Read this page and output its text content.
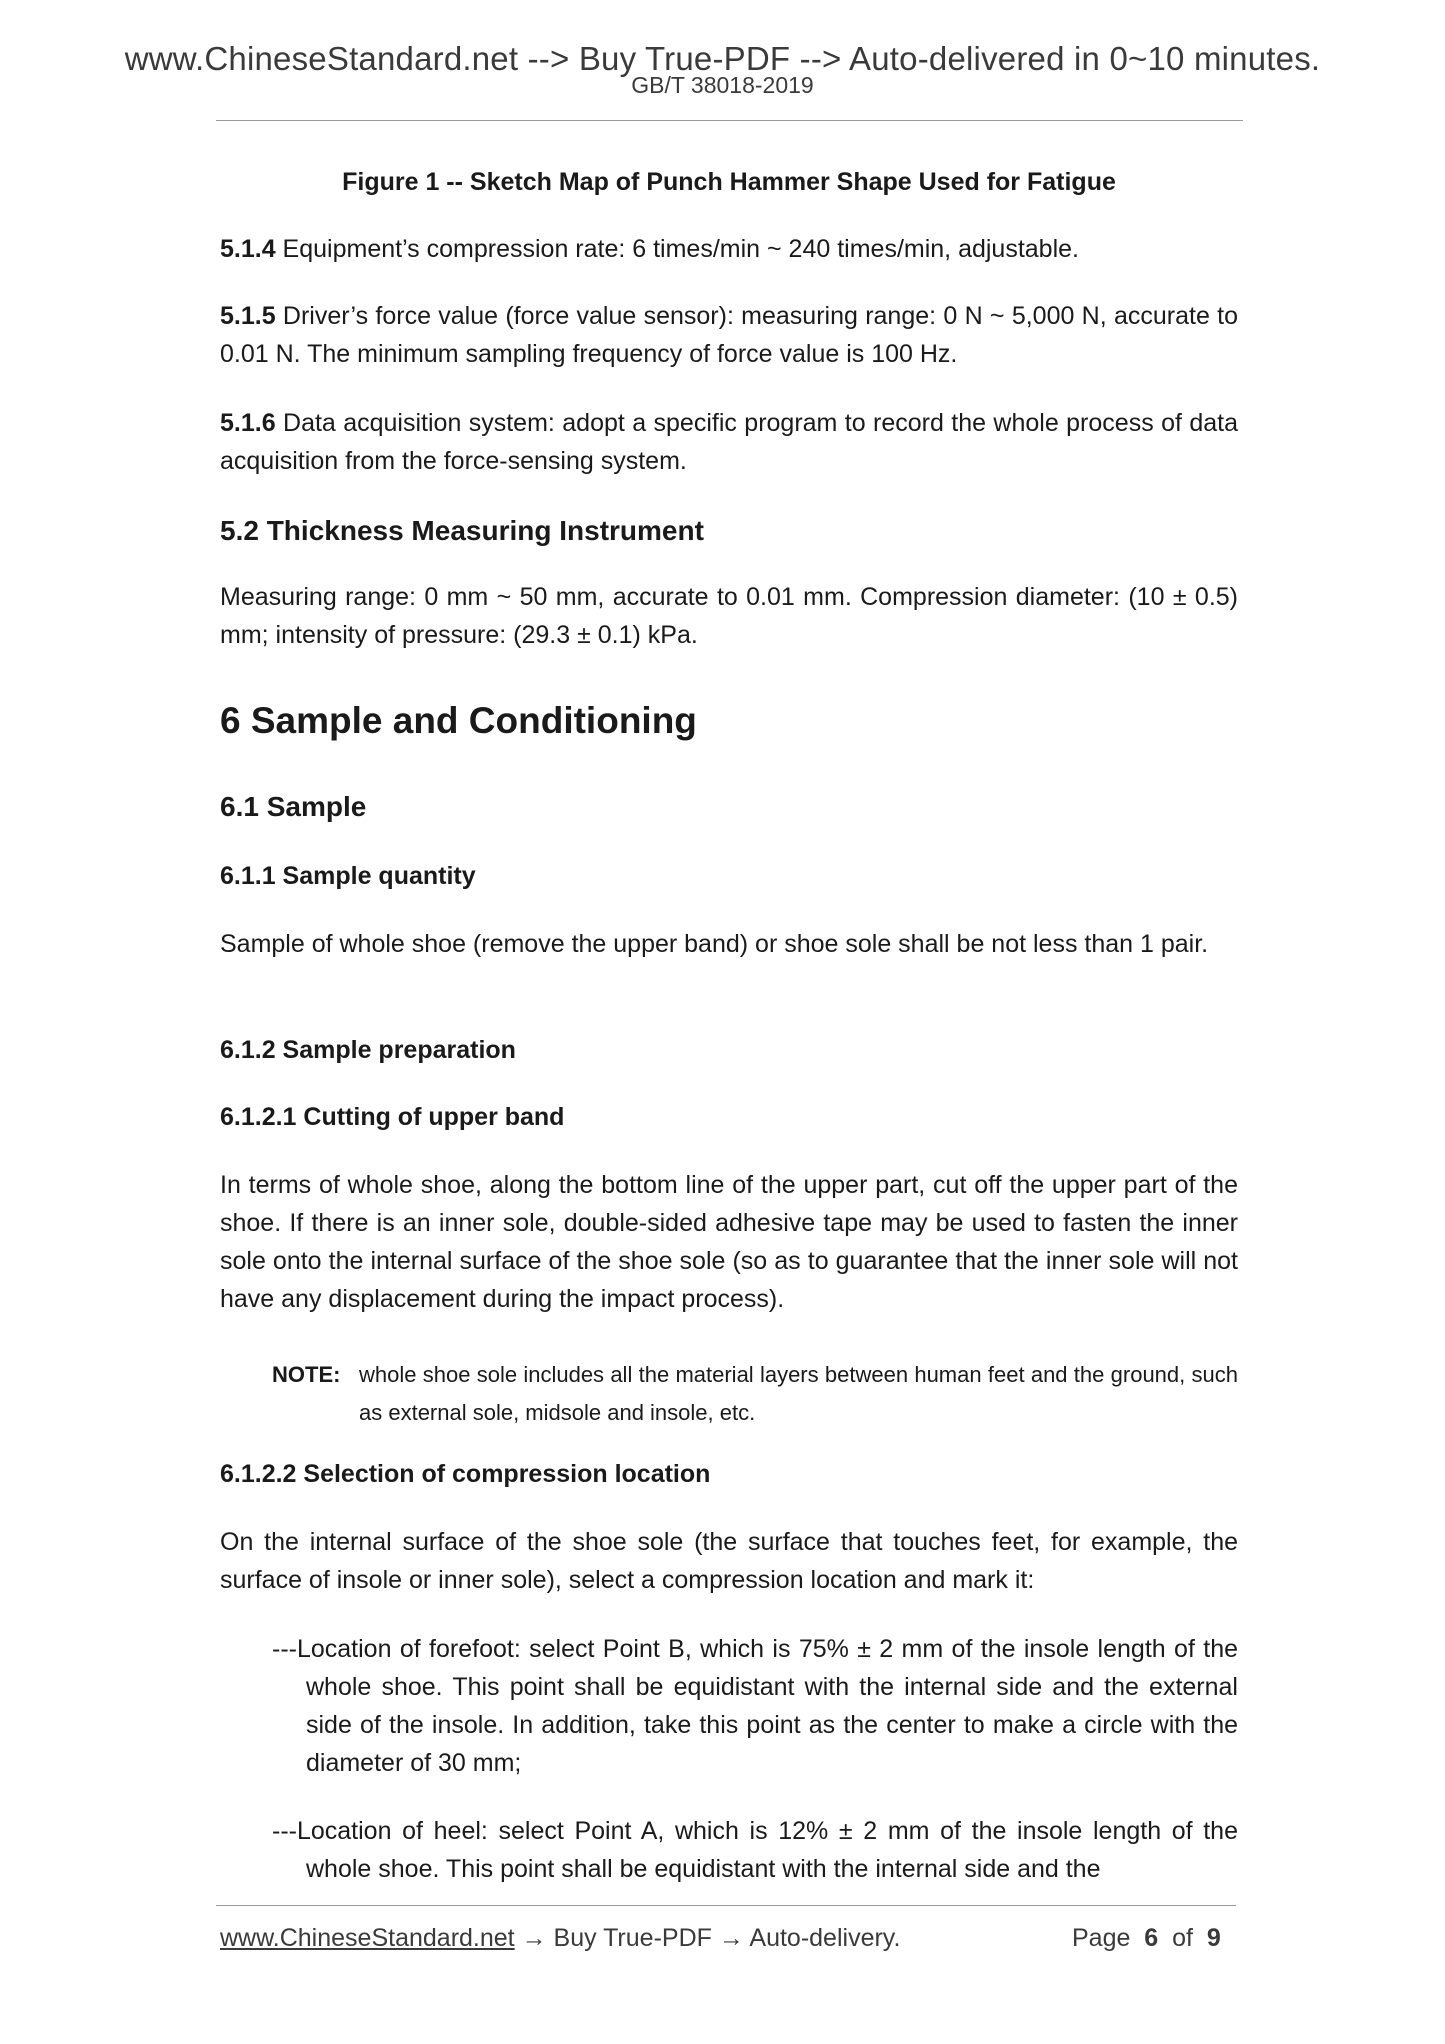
www.ChineseStandard.net --> Buy True-PDF --> Auto-delivered in 0~10 minutes.
GB/T 38018-2019
Figure 1 -- Sketch Map of Punch Hammer Shape Used for Fatigue
5.1.4 Equipment’s compression rate: 6 times/min ~ 240 times/min, adjustable.
5.1.5 Driver’s force value (force value sensor): measuring range: 0 N ~ 5,000 N, accurate to 0.01 N. The minimum sampling frequency of force value is 100 Hz.
5.1.6 Data acquisition system: adopt a specific program to record the whole process of data acquisition from the force-sensing system.
5.2 Thickness Measuring Instrument
Measuring range: 0 mm ~ 50 mm, accurate to 0.01 mm. Compression diameter: (10 ± 0.5) mm; intensity of pressure: (29.3 ± 0.1) kPa.
6 Sample and Conditioning
6.1 Sample
6.1.1 Sample quantity
Sample of whole shoe (remove the upper band) or shoe sole shall be not less than 1 pair.
6.1.2 Sample preparation
6.1.2.1 Cutting of upper band
In terms of whole shoe, along the bottom line of the upper part, cut off the upper part of the shoe. If there is an inner sole, double-sided adhesive tape may be used to fasten the inner sole onto the internal surface of the shoe sole (so as to guarantee that the inner sole will not have any displacement during the impact process).
NOTE: whole shoe sole includes all the material layers between human feet and the ground, such as external sole, midsole and insole, etc.
6.1.2.2 Selection of compression location
On the internal surface of the shoe sole (the surface that touches feet, for example, the surface of insole or inner sole), select a compression location and mark it:
---Location of forefoot: select Point B, which is 75% ± 2 mm of the insole length of the whole shoe. This point shall be equidistant with the internal side and the external side of the insole. In addition, take this point as the center to make a circle with the diameter of 30 mm;
---Location of heel: select Point A, which is 12% ± 2 mm of the insole length of the whole shoe. This point shall be equidistant with the internal side and the
www.ChineseStandard.net → Buy True-PDF → Auto-delivery.	Page 6 of 9
